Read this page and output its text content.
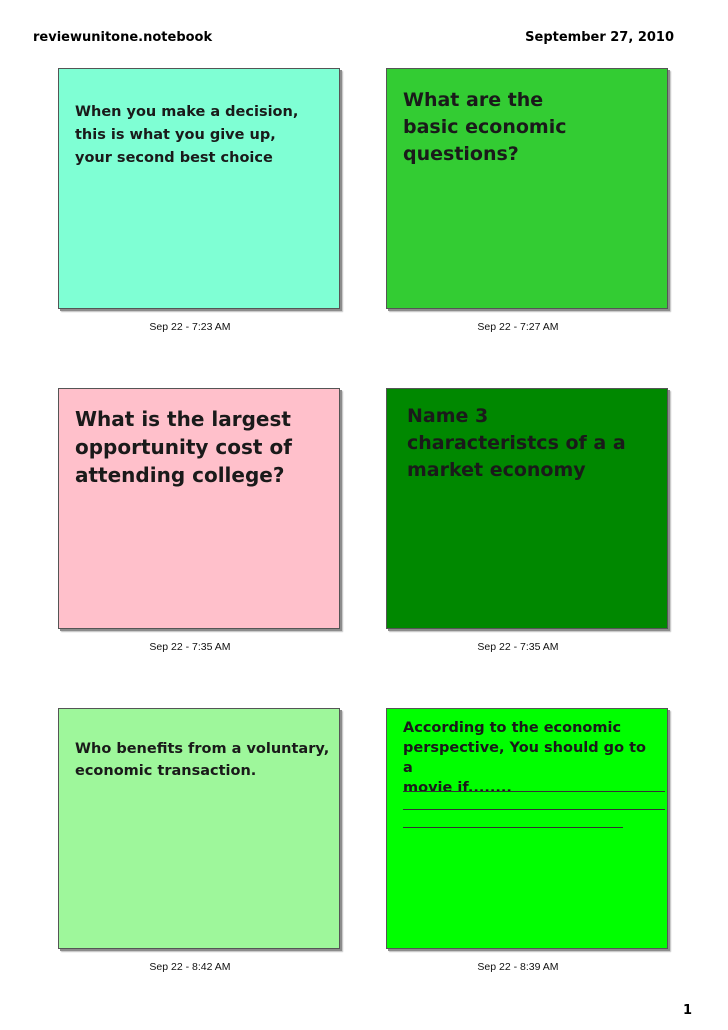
reviewunitone.notebook	September 27, 2010

When you make a decision,
this is what you give up,
your second best choice

Sep 22 - 7:23 AM

What are the
basic economic
questions?

Sep 22 - 7:27 AM

What is the largest
opportunity cost of
attending college?

Sep 22 - 7:35 AM

Name 3
characteristcs of a a
market economy

Sep 22 - 7:35 AM

Who benefits from a voluntary,
economic transaction.

Sep 22 - 8:42 AM

According to the economic
perspective, You should go to a
movie if........

Sep 22 - 8:39 AM
1
